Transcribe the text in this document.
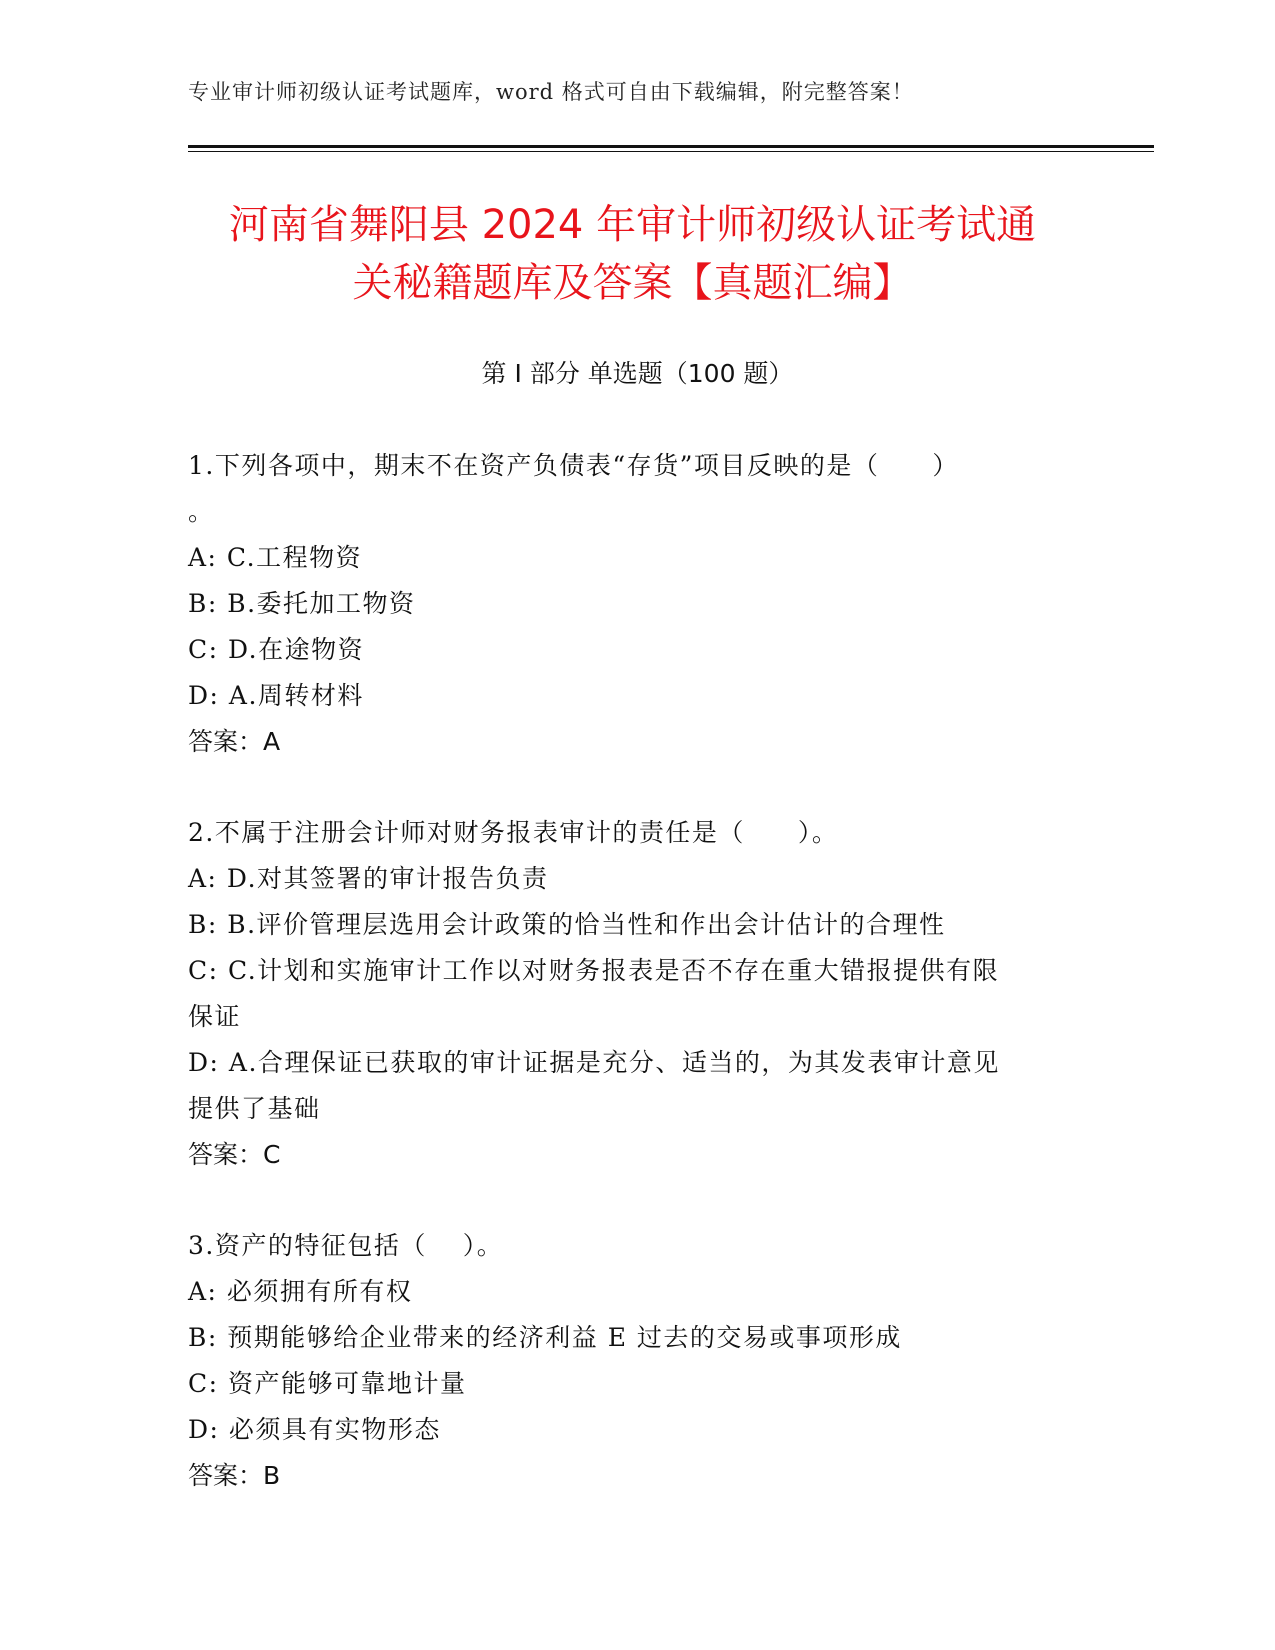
专业审计师初级认证考试题库，word 格式可自由下载编辑，附完整答案！
河南省舞阳县 2024 年审计师初级认证考试通
关秘籍题库及答案【真题汇编】
第 I 部分 单选题（100 题）
1.下列各项中，期末不在资产负债表“存货”项目反映的是（　　）
。
A: C.工程物资
B: B.委托加工物资
C: D.在途物资
D: A.周转材料
答案：A
2.不属于注册会计师对财务报表审计的责任是（　　）。
A: D.对其签署的审计报告负责
B: B.评价管理层选用会计政策的恰当性和作出会计估计的合理性
C: C.计划和实施审计工作以对财务报表是否不存在重大错报提供有限
保证
D: A.合理保证已获取的审计证据是充分、适当的，为其发表审计意见
提供了基础
答案：C
3.资产的特征包括（　 ）。
A: 必须拥有所有权
B: 预期能够给企业带来的经济利益 E 过去的交易或事项形成
C: 资产能够可靠地计量
D: 必须具有实物形态
答案：B
